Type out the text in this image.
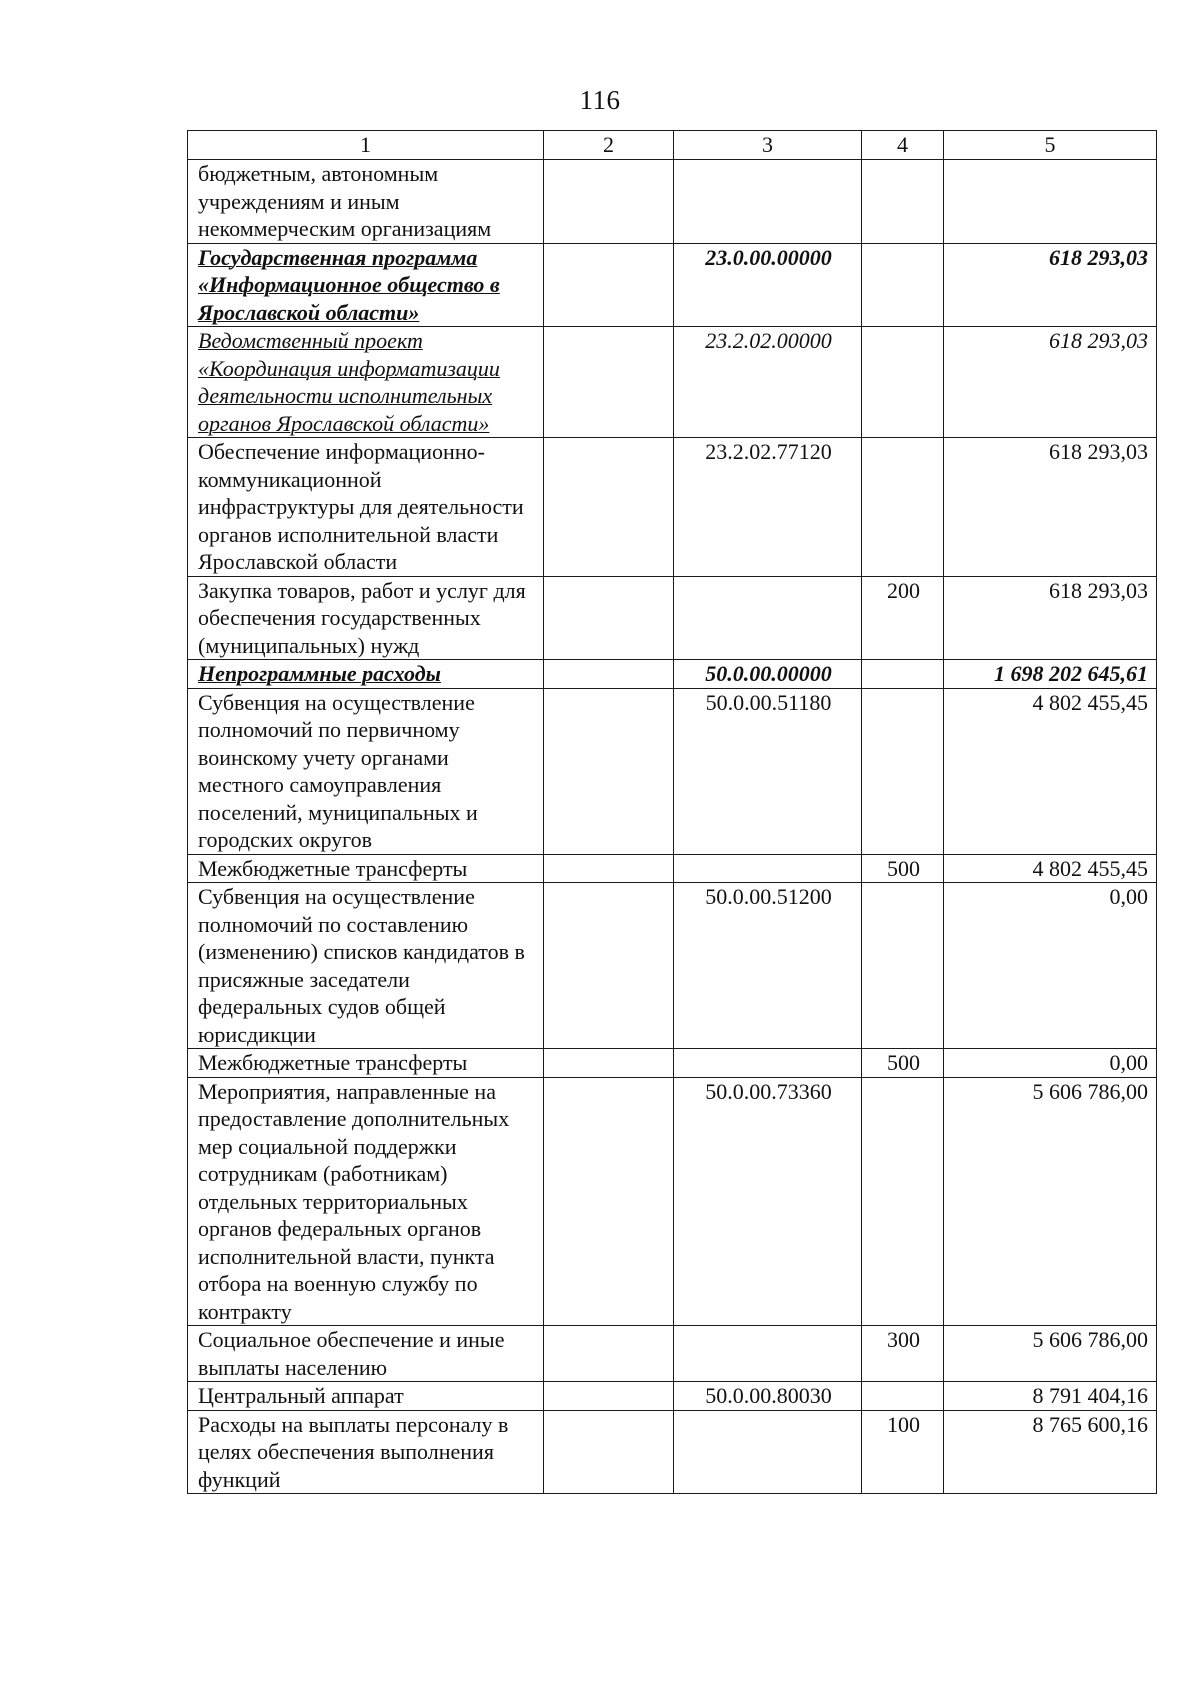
116
1	2	3	4	5
бюджетным, автономным учреждениям и иным некоммерческим организациям				
Государственная программа «Информационное общество в Ярославской области»		23.0.00.00000		618 293,03
Ведомственный проект «Координация информатизации деятельности исполнительных органов Ярославской области»		23.2.02.00000		618 293,03
Обеспечение информационно-коммуникационной инфраструктуры для деятельности органов исполнительной власти Ярославской области		23.2.02.77120		618 293,03
Закупка товаров, работ и услуг для обеспечения государственных (муниципальных) нужд			200	618 293,03
Непрограммные расходы		50.0.00.00000		1 698 202 645,61
Субвенция на осуществление полномочий по первичному воинскому учету органами местного самоуправления поселений, муниципальных и городских округов		50.0.00.51180		4 802 455,45
Межбюджетные трансферты			500	4 802 455,45
Субвенция на осуществление полномочий по составлению (изменению) списков кандидатов в присяжные заседатели федеральных судов общей юрисдикции		50.0.00.51200		0,00
Межбюджетные трансферты			500	0,00
Мероприятия, направленные на предоставление дополнительных мер социальной поддержки сотрудникам (работникам) отдельных территориальных органов федеральных органов исполнительной власти, пункта отбора на военную службу по контракту		50.0.00.73360		5 606 786,00
Социальное обеспечение и иные выплаты населению			300	5 606 786,00
Центральный аппарат		50.0.00.80030		8 791 404,16
Расходы на выплаты персоналу в целях обеспечения выполнения функций			100	8 765 600,16
